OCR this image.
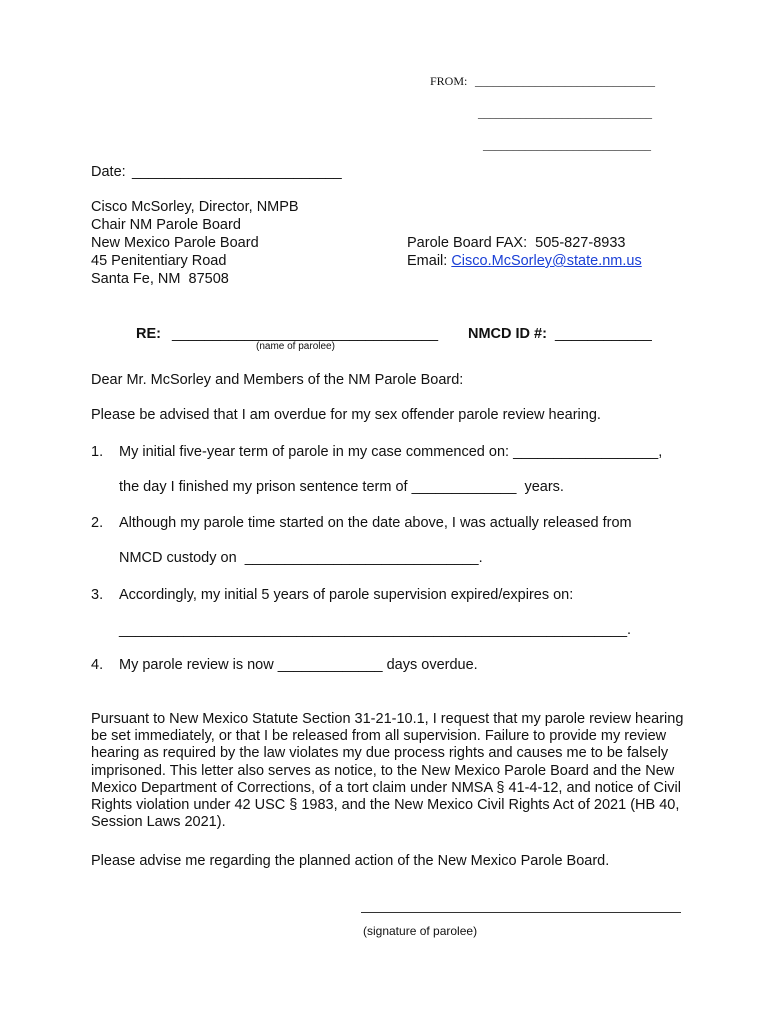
FROM: ______________________________
_____________________________
____________________________
Date: __________________________
Cisco McSorley, Director, NMPB
Chair NM Parole Board
New Mexico Parole Board
45 Penitentiary Road
Santa Fe, NM  87508
Parole Board FAX:  505-827-8933
Email: Cisco.McSorley@state.nm.us
RE: _________________________________
(name of parolee)
NMCD ID #: ____________
Dear Mr. McSorley and Members of the NM Parole Board:
Please be advised that I am overdue for my sex offender parole review hearing.
1. My initial five-year term of parole in my case commenced on: __________________,
the day I finished my prison sentence term of _____________  years.
2. Although my parole time started on the date above, I was actually released from
NMCD custody on  _____________________________.
3. Accordingly, my initial 5 years of parole supervision expired/expires on:
_______________________________________________________________.
4. My parole review is now _____________ days overdue.
Pursuant to New Mexico Statute Section 31-21-10.1, I request that my parole review hearing be set immediately, or that I be released from all supervision. Failure to provide my review hearing as required by the law violates my due process rights and causes me to be falsely imprisoned. This letter also serves as notice, to the New Mexico Parole Board and the New Mexico Department of Corrections, of a tort claim under NMSA § 41-4-12, and notice of Civil Rights violation under 42 USC § 1983, and the New Mexico Civil Rights Act of 2021 (HB 40, Session Laws 2021).
Please advise me regarding the planned action of the New Mexico Parole Board.
(signature of parolee)
